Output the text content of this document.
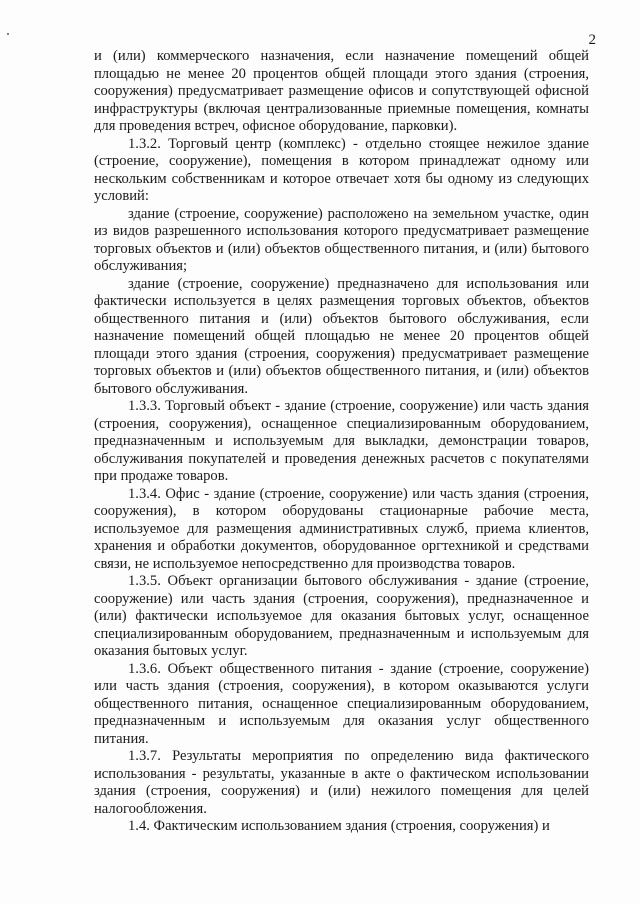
2

и (или) коммерческого назначения, если назначение помещений общей площадью не менее 20 процентов общей площади этого здания (строения, сооружения) предусматривает размещение офисов и сопутствующей офисной инфраструктуры (включая централизованные приемные помещения, комнаты для проведения встреч, офисное оборудование, парковки).

1.3.2. Торговый центр (комплекс) - отдельно стоящее нежилое здание (строение, сооружение), помещения в котором принадлежат одному или нескольким собственникам и которое отвечает хотя бы одному из следующих условий:

здание (строение, сооружение) расположено на земельном участке, один из видов разрешенного использования которого предусматривает размещение торговых объектов и (или) объектов общественного питания, и (или) бытового обслуживания;

здание (строение, сооружение) предназначено для использования или фактически используется в целях размещения торговых объектов, объектов общественного питания и (или) объектов бытового обслуживания, если назначение помещений общей площадью не менее 20 процентов общей площади этого здания (строения, сооружения) предусматривает размещение торговых объектов и (или) объектов общественного питания, и (или) объектов бытового обслуживания.

1.3.3. Торговый объект - здание (строение, сооружение) или часть здания (строения, сооружения), оснащенное специализированным оборудованием, предназначенным и используемым для выкладки, демонстрации товаров, обслуживания покупателей и проведения денежных расчетов с покупателями при продаже товаров.

1.3.4. Офис - здание (строение, сооружение) или часть здания (строения, сооружения), в котором оборудованы стационарные рабочие места, используемое для размещения административных служб, приема клиентов, хранения и обработки документов, оборудованное оргтехникой и средствами связи, не используемое непосредственно для производства товаров.

1.3.5. Объект организации бытового обслуживания - здание (строение, сооружение) или часть здания (строения, сооружения), предназначенное и (или) фактически используемое для оказания бытовых услуг, оснащенное специализированным оборудованием, предназначенным и используемым для оказания бытовых услуг.

1.3.6. Объект общественного питания - здание (строение, сооружение) или часть здания (строения, сооружения), в котором оказываются услуги общественного питания, оснащенное специализированным оборудованием, предназначенным и используемым для оказания услуг общественного питания.

1.3.7. Результаты мероприятия по определению вида фактического использования - результаты, указанные в акте о фактическом использовании здания (строения, сооружения) и (или) нежилого помещения для целей налогообложения.

1.4. Фактическим использованием здания (строения, сооружения) и
